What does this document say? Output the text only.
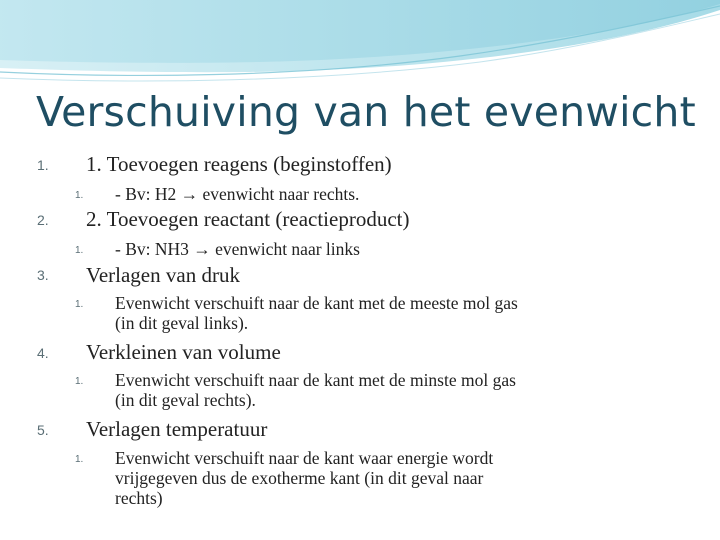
Verschuiving van het evenwicht
1. 1. Toevoegen reagens (beginstoffen)
1. - Bv: H2 → evenwicht naar rechts.
2. 2. Toevoegen reactant (reactieproduct)
1. - Bv: NH3 → evenwicht naar links
3. Verlagen van druk
1. Evenwicht verschuift naar de kant met de meeste mol gas
(in dit geval links).
4. Verkleinen van volume
1. Evenwicht verschuift naar de kant met de minste mol gas
(in dit geval rechts).
5. Verlagen temperatuur
1. Evenwicht verschuift naar de kant waar energie wordt
vrijgegeven dus de exotherme kant (in dit geval naar
rechts)
